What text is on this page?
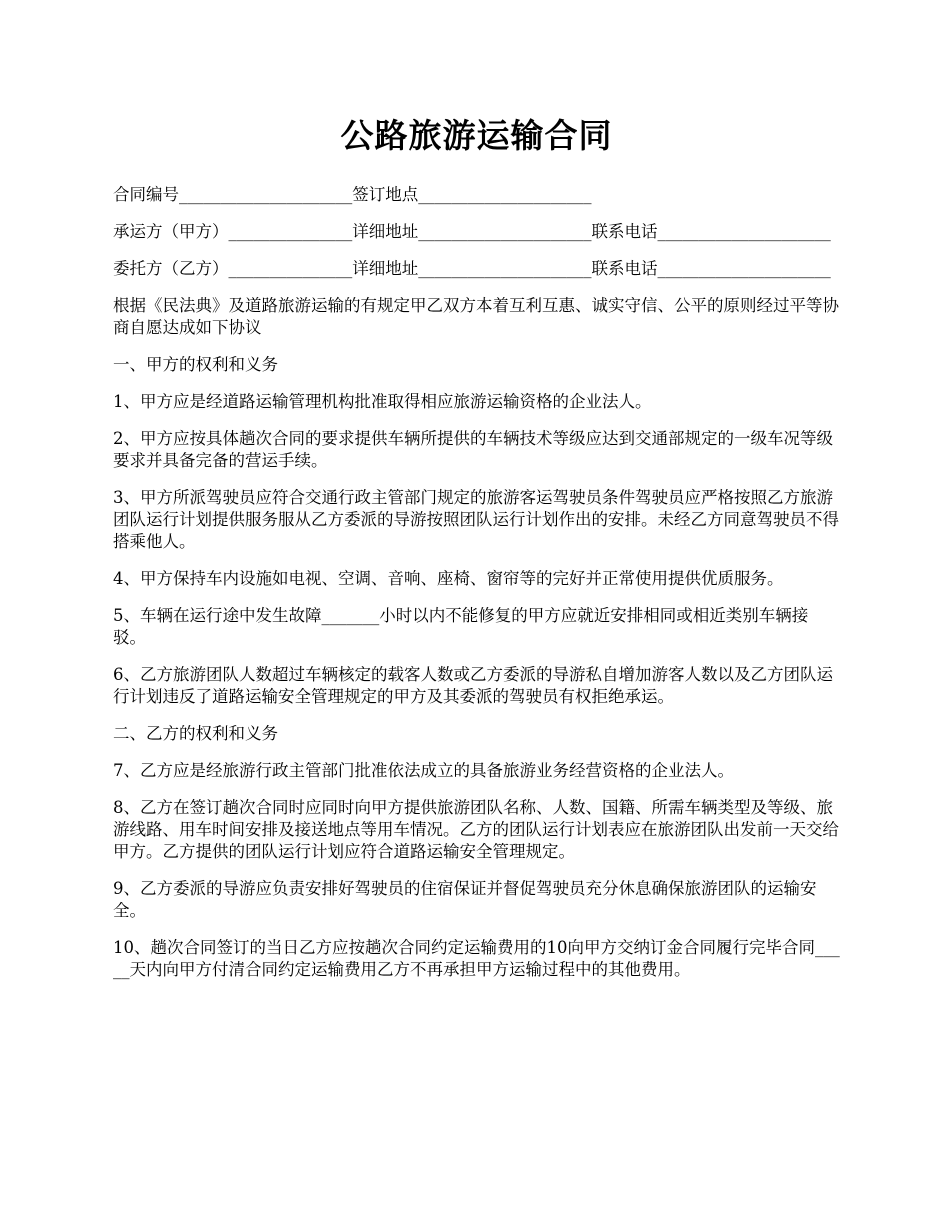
公路旅游运输合同

合同编号_____________________签订地点_____________________

承运方（甲方）_______________详细地址_____________________联系电话_____________________

委托方（乙方）_______________详细地址_____________________联系电话_____________________

根据《民法典》及道路旅游运输的有规定甲乙双方本着互利互惠、诚实守信、公平的原则经过平等协商自愿达成如下协议

一、甲方的权利和义务

1、甲方应是经道路运输管理机构批准取得相应旅游运输资格的企业法人。

2、甲方应按具体趟次合同的要求提供车辆所提供的车辆技术等级应达到交通部规定的一级车况等级要求并具备完备的营运手续。

3、甲方所派驾驶员应符合交通行政主管部门规定的旅游客运驾驶员条件驾驶员应严格按照乙方旅游团队运行计划提供服务服从乙方委派的导游按照团队运行计划作出的安排。未经乙方同意驾驶员不得搭乘他人。

4、甲方保持车内设施如电视、空调、音响、座椅、窗帘等的完好并正常使用提供优质服务。

5、车辆在运行途中发生故障_______小时以内不能修复的甲方应就近安排相同或相近类别车辆接驳。

6、乙方旅游团队人数超过车辆核定的载客人数或乙方委派的导游私自增加游客人数以及乙方团队运行计划违反了道路运输安全管理规定的甲方及其委派的驾驶员有权拒绝承运。

二、乙方的权利和义务

7、乙方应是经旅游行政主管部门批准依法成立的具备旅游业务经营资格的企业法人。

8、乙方在签订趟次合同时应同时向甲方提供旅游团队名称、人数、国籍、所需车辆类型及等级、旅游线路、用车时间安排及接送地点等用车情况。乙方的团队运行计划表应在旅游团队出发前一天交给甲方。乙方提供的团队运行计划应符合道路运输安全管理规定。

9、乙方委派的导游应负责安排好驾驶员的住宿保证并督促驾驶员充分休息确保旅游团队的运输安全。

10、趟次合同签订的当日乙方应按趟次合同约定运输费用的10向甲方交纳订金合同履行完毕合同_____天内向甲方付清合同约定运输费用乙方不再承担甲方运输过程中的其他费用。
